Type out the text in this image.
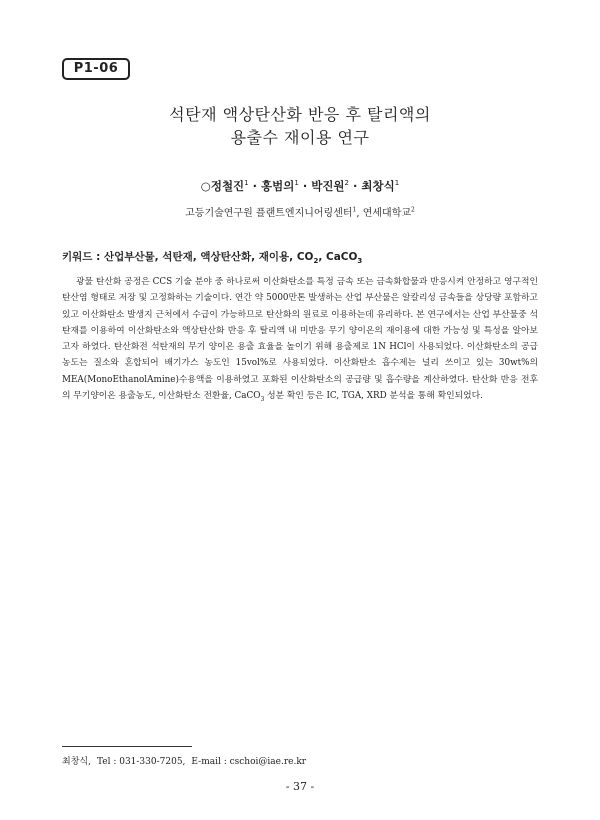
P1-06
석탄재 액상탄산화 반응 후 탈리액의
용출수 재이용 연구
○정철진$^1$ · 홍범의$^1$ · 박진원$^2$ · 최창식$^1$
고등기술연구원 플랜트엔지니어링센터$^1$, 연세대학교$^2$
키워드 : 산업부산물, 석탄재, 액상탄산화, 재이용, $CO_2$, CaCO$_3$

광물 탄산화 공정은 CCS 기술 분야 중 하나로써 이산화탄소를 특정 금속 또는 금속화합물과 반응시켜 안정하고 영구적인 탄산염 형태로 저장 및 고정화하는 기술이다. 연간 약 5000만톤 발생하는 산업 부산물은 알칼리성 금속들을 상당량 포함하고 있고 이산화탄소 발생지 근처에서 수급이 가능하므로 탄산화의 원료로 이용하는데 유리하다. 본 연구에서는 산업 부산물중 석탄재를 이용하여 이산화탄소와 액상탄산화 반응 후 탈리액 내 미반응 무기 양이온의 재이용에 대한 가능성 및 특성을 알아보고자 하였다. 탄산화전 석탄재의 무기 양이온 용출 효율을 높이기 위해 용출제로 1N HCl이 사용되었다. 이산화탄소의 공급농도는 질소와 혼합되어 배기가스 농도인 15vol%로 사용되었다. 이산화탄소 흡수제는 널리 쓰이고 있는 30wt%의 MEA(MonoEthanolAmine)수용액을 이용하였고 포화된 이산화탄소의 공급량 및 흡수량을 계산하였다. 탄산화 반응 전후의 무기양이온 용출농도, 이산화탄소 전환율, CaCO$_3$ 성분 확인 등은 IC, TGA, XRD 분석을 통해 확인되었다.

최창식, Tel : 031-330-7205, E-mail : cschoi@iae.re.kr
- 37 -
